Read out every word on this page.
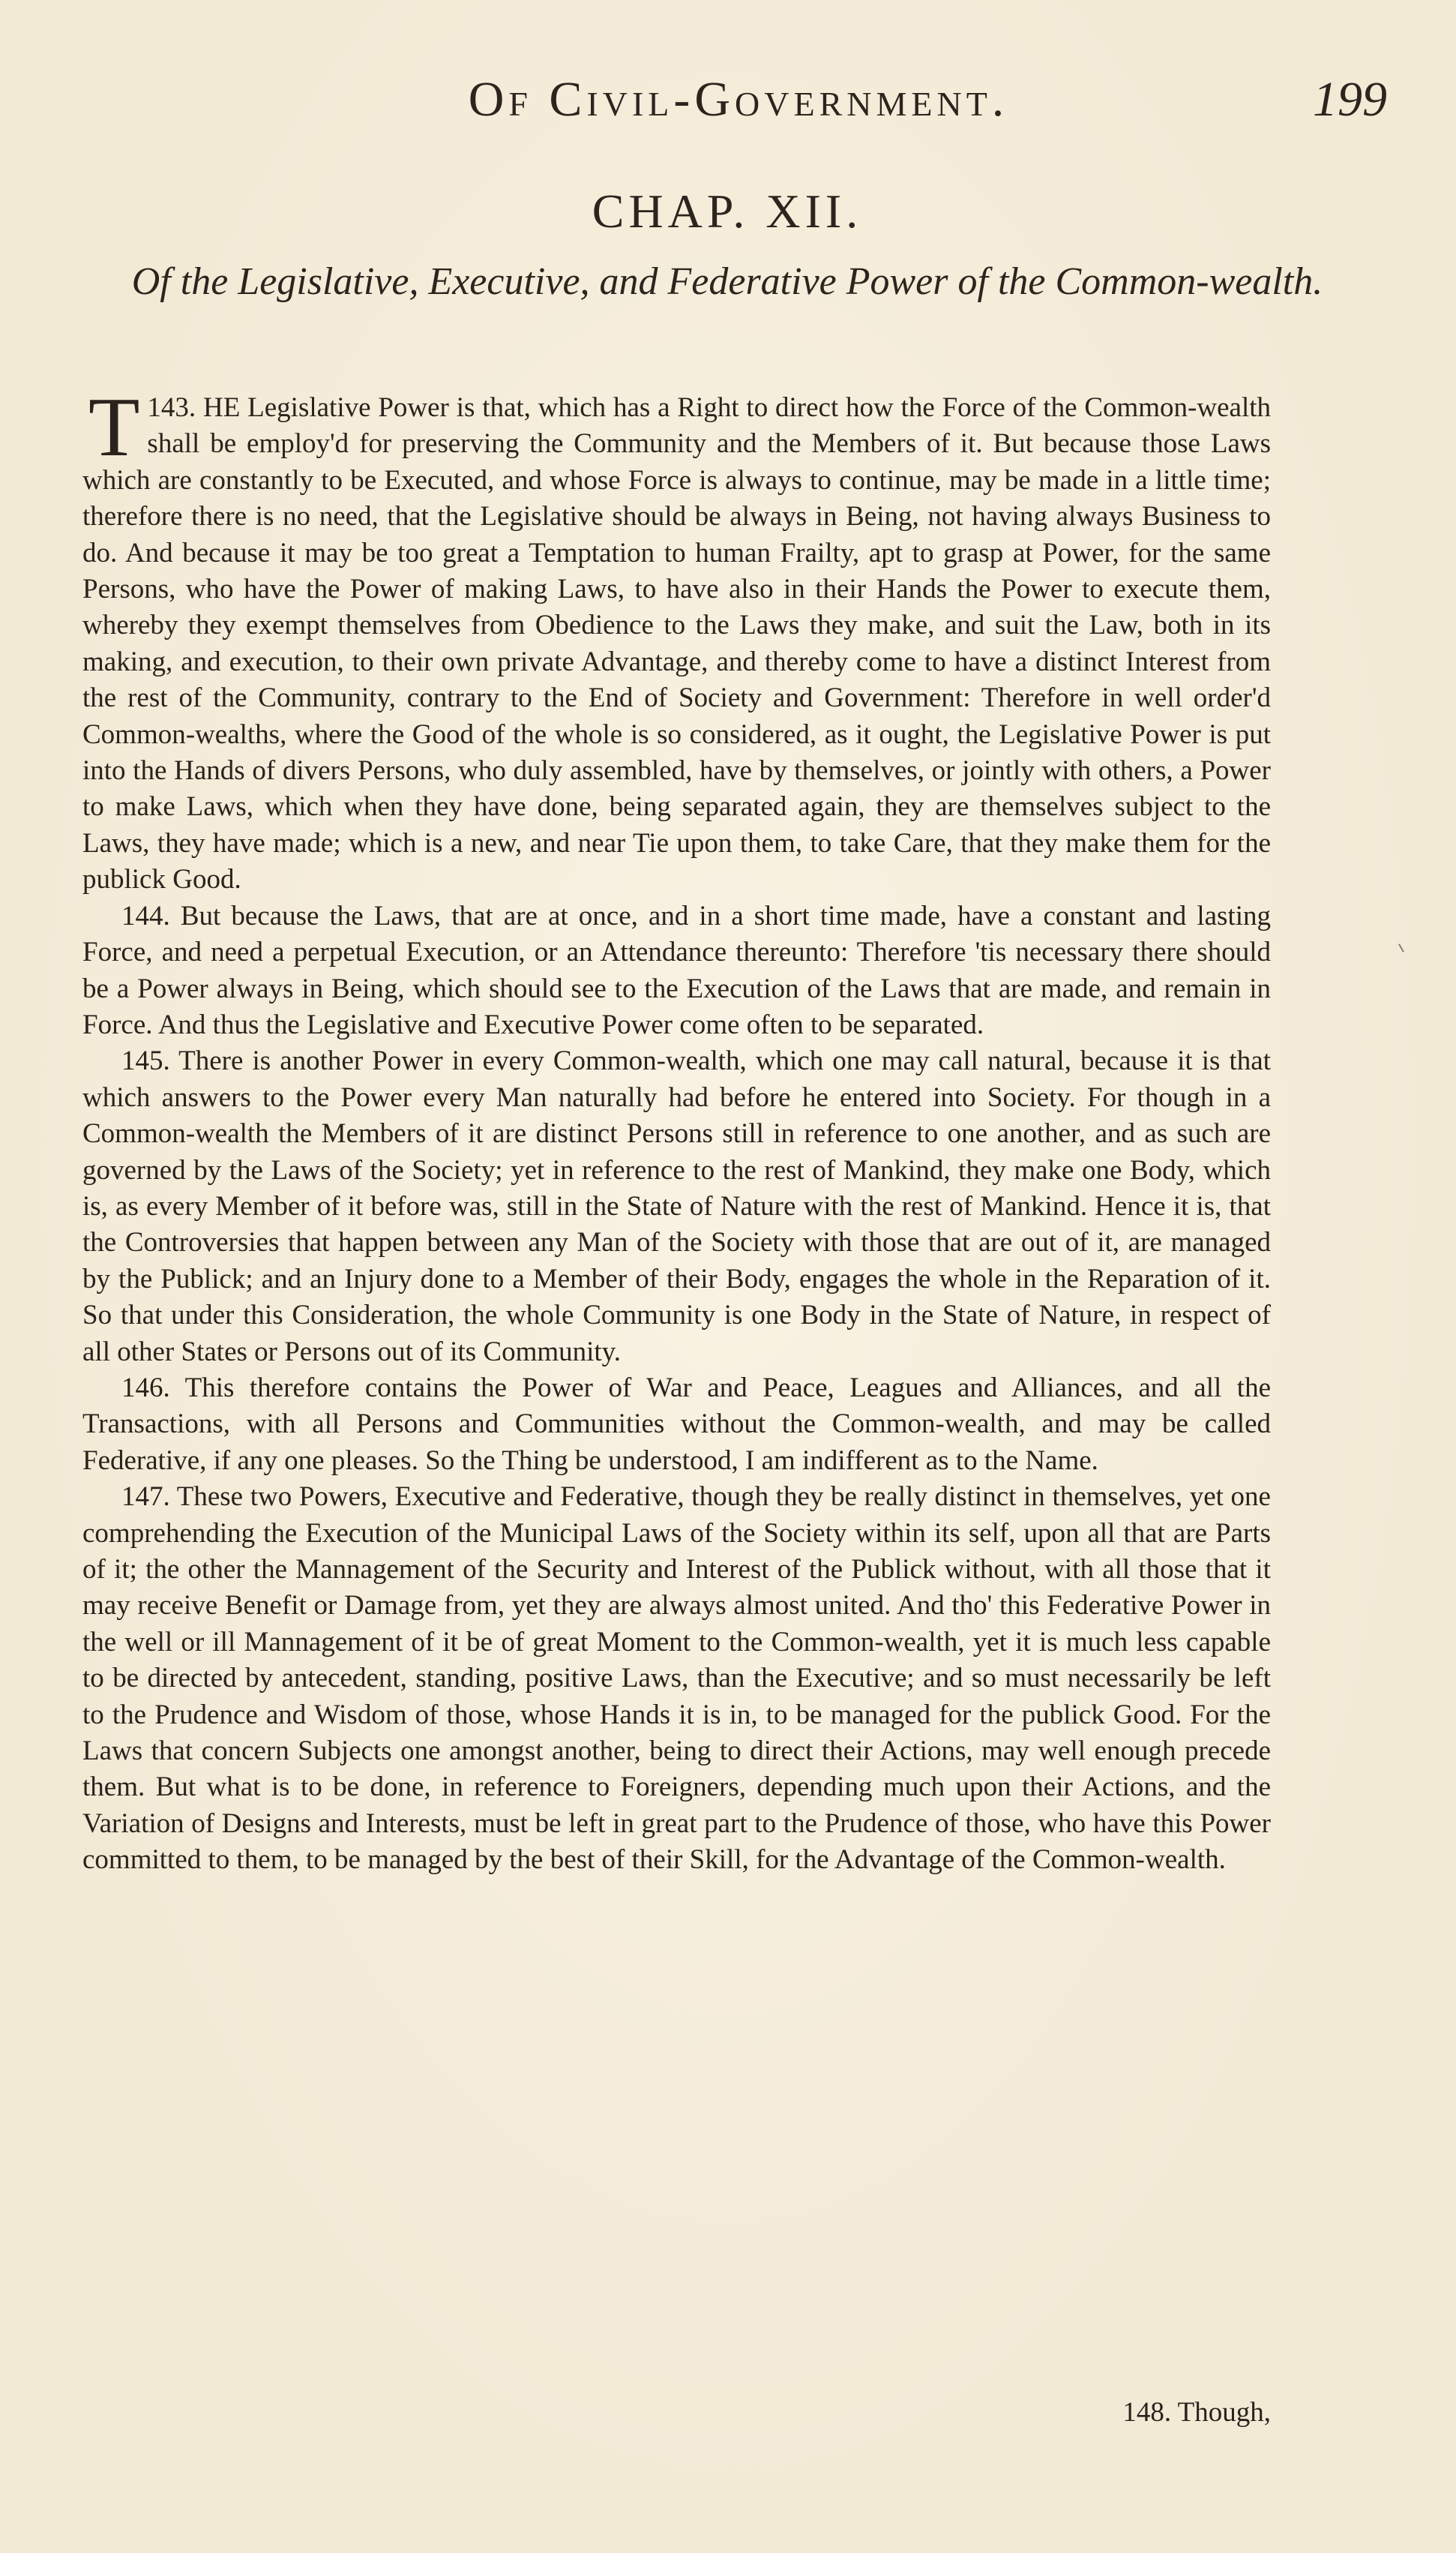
Of Civil-Government.	199
CHAP. XII.
Of the Legislative, Executive, and Federative Power of the Common-wealth.

143.
T HE Legislative Power is that, which has a Right to direct how the Force of the Common-wealth shall be employ'd for preserving the Community and the Members of it. But because those Laws which are constantly to be Executed, and whose Force is always to continue, may be made in a little time; therefore there is no need, that the Legislative should be always in Being, not having always Business to do. And because it may be too great a Temptation to human Frailty, apt to grasp at Power, for the same Persons, who have the Power of making Laws, to have also in their Hands the Power to execute them, whereby they exempt themselves from Obedience to the Laws they make, and suit the Law, both in its making, and execution, to their own private Advantage, and thereby come to have a distinct Interest from the rest of the Community, contrary to the End of Society and Government: Therefore in well order'd Common-wealths, where the Good of the whole is so considered, as it ought, the Legislative Power is put into the Hands of divers Persons, who duly assembled, have by themselves, or jointly with others, a Power to make Laws, which when they have done, being separated again, they are themselves subject to the Laws, they have made; which is a new, and near Tie upon them, to take Care, that they make them for the publick Good.

144. But because the Laws, that are at once, and in a short time made, have a constant and lasting Force, and need a perpetual Execution, or an Attendance thereunto: Therefore 'tis necessary there should be a Power always in Being, which should see to the Execution of the Laws that are made, and remain in Force. And thus the Legislative and Executive Power come often to be separated.

145. There is another Power in every Common-wealth, which one may call natural, because it is that which answers to the Power every Man naturally had before he entered into Society. For though in a Common-wealth the Members of it are distinct Persons still in reference to one another, and as such are governed by the Laws of the Society; yet in reference to the rest of Mankind, they make one Body, which is, as every Member of it before was, still in the State of Nature with the rest of Mankind. Hence it is, that the Controversies that happen between any Man of the Society with those that are out of it, are managed by the Publick; and an Injury done to a Member of their Body, engages the whole in the Reparation of it. So that under this Consideration, the whole Community is one Body in the State of Nature, in respect of all other States or Persons out of its Community.

146. This therefore contains the Power of War and Peace, Leagues and Alliances, and all the Transactions, with all Persons and Communities without the Common-wealth, and may be called Federative, if any one pleases. So the Thing be understood, I am indifferent as to the Name.

147. These two Powers, Executive and Federative, though they be really distinct in themselves, yet one comprehending the Execution of the Municipal Laws of the Society within its self, upon all that are Parts of it; the other the Mannagement of the Security and Interest of the Publick without, with all those that it may receive Benefit or Damage from, yet they are always almost united. And tho' this Federative Power in the well or ill Mannagement of it be of great Moment to the Common-wealth, yet it is much less capable to be directed by antecedent, standing, positive Laws, than the Executive; and so must necessarily be left to the Prudence and Wisdom of those, whose Hands it is in, to be managed for the publick Good. For the Laws that concern Subjects one amongst another, being to direct their Actions, may well enough precede them. But what is to be done, in reference to Foreigners, depending much upon their Actions, and the Variation of Designs and Interests, must be left in great part to the Prudence of those, who have this Power committed to them, to be managed by the best of their Skill, for the Advantage of the Common-wealth.

148. Though,
